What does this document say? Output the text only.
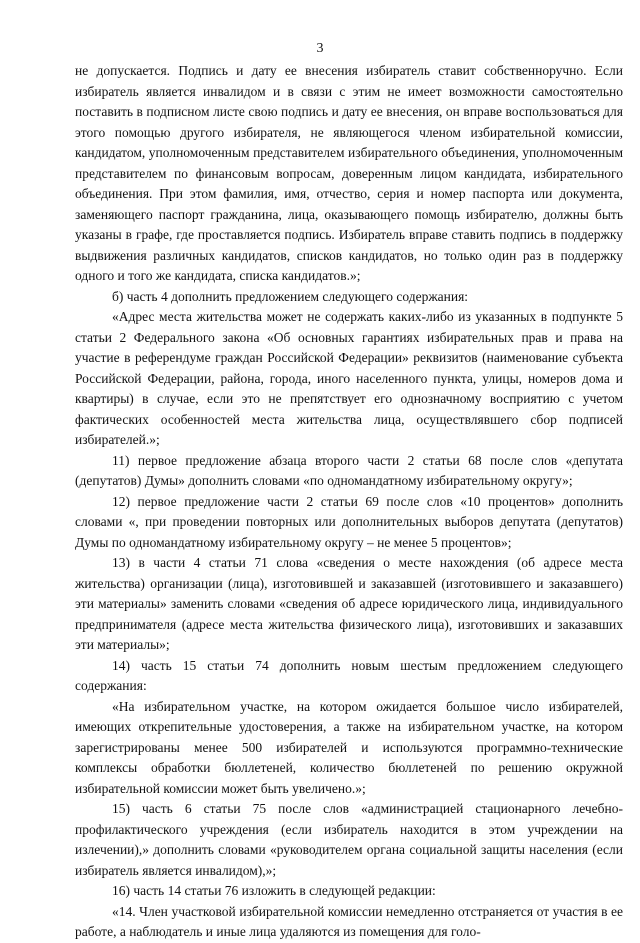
3

не допускается. Подпись и дату ее внесения избиратель ставит собственноручно. Если избиратель является инвалидом и в связи с этим не имеет возможности самостоятельно поставить в подписном листе свою подпись и дату ее внесения, он вправе воспользоваться для этого помощью другого избирателя, не являющегося членом избирательной комиссии, кандидатом, уполномоченным представителем избирательного объединения, уполномоченным представителем по финансовым вопросам, доверенным лицом кандидата, избирательного объединения. При этом фамилия, имя, отчество, серия и номер паспорта или документа, заменяющего паспорт гражданина, лица, оказывающего помощь избирателю, должны быть указаны в графе, где проставляется подпись. Избиратель вправе ставить подпись в поддержку выдвижения различных кандидатов, списков кандидатов, но только один раз в поддержку одного и того же кандидата, списка кандидатов.»;

б) часть 4 дополнить предложением следующего содержания:

«Адрес места жительства может не содержать каких-либо из указанных в подпункте 5 статьи 2 Федерального закона «Об основных гарантиях избирательных прав и права на участие в референдуме граждан Российской Федерации» реквизитов (наименование субъекта Российской Федерации, района, города, иного населенного пункта, улицы, номеров дома и квартиры) в случае, если это не препятствует его однозначному восприятию с учетом фактических особенностей места жительства лица, осуществлявшего сбор подписей избирателей.»;

11) первое предложение абзаца второго части 2 статьи 68 после слов «депутата (депутатов) Думы» дополнить словами «по одномандатному избирательному округу»;

12) первое предложение части 2 статьи 69 после слов «10 процентов» дополнить словами «, при проведении повторных или дополнительных выборов депутата (депутатов) Думы по одномандатному избирательному округу – не менее 5 процентов»;

13) в части 4 статьи 71 слова «сведения о месте нахождения (об адресе места жительства) организации (лица), изготовившей и заказавшей (изготовившего и заказавшего) эти материалы» заменить словами «сведения об адресе юридического лица, индивидуального предпринимателя (адресе места жительства физического лица), изготовивших и заказавших эти материалы»;

14) часть 15 статьи 74 дополнить новым шестым предложением следующего содержания:

«На избирательном участке, на котором ожидается большое число избирателей, имеющих открепительные удостоверения, а также на избирательном участке, на котором зарегистрированы менее 500 избирателей и используются программно-технические комплексы обработки бюллетеней, количество бюллетеней по решению окружной избирательной комиссии может быть увеличено.»;

15) часть 6 статьи 75 после слов «администрацией стационарного лечебно-профилактического учреждения (если избиратель находится в этом учреждении на излечении),» дополнить словами «руководителем органа социальной защиты населения (если избиратель является инвалидом),»;

16) часть 14 статьи 76 изложить в следующей редакции:

«14. Член участковой избирательной комиссии немедленно отстраняется от участия в ее работе, а наблюдатель и иные лица удаляются из помещения для голо-
